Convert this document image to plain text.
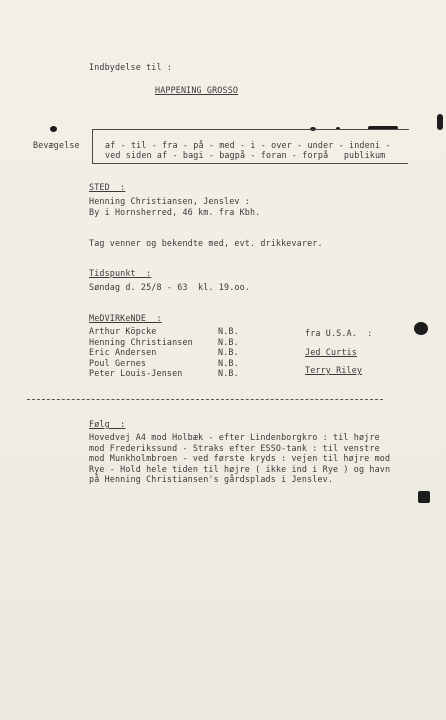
Indbydelse til :
HAPPENING GROSSO
Bevægelse	af - til - fra - på - med - i - over - under - indeni -
ved siden af - bagi - bagpå - foran - forpå   publikum
STED  :
Henning Christiansen, Jenslev :
By i Hornsherred, 46 km. fra Kbh.
Tag venner og bekendte med, evt. drikkevarer.
Tidspunkt  :
Søndag d. 25/8 - 63  kl. 19.oo.
MeDVIRKeNDE  :
Arthur Köpcke
Henning Christiansen
Eric Andersen
Poul Gernes
Peter Louis-Jensen
N.B.
N.B.
N.B.
N.B.
N.B.
fra U.S.A.  :
Jed Curtis
Terry Riley
Følg  :
Hovedvej A4 mod Holbæk - efter Lindenborgkro : til højre
mod Frederikssund - Straks efter ESSO-tank : til venstre
mod Munkholmbroen - ved første kryds : vejen til højre mod
Rye - Hold hele tiden til højre ( ikke ind i Rye ) og havn
på Henning Christiansen's gårdsplads i Jenslev.
